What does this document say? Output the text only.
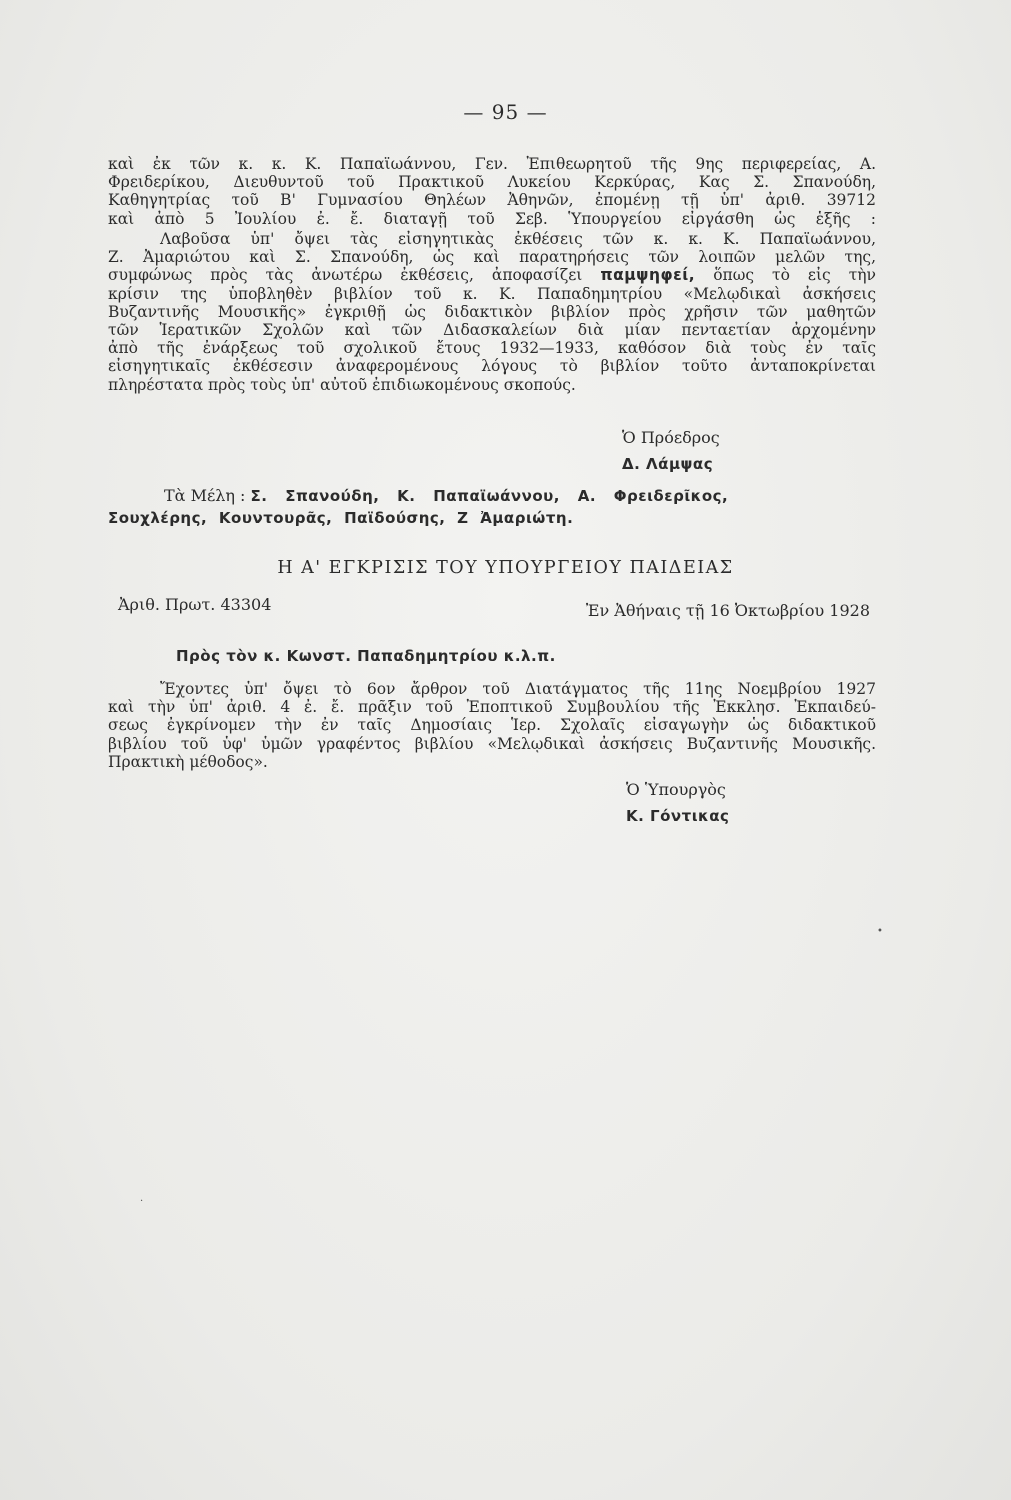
— 95 —
καὶ ἐκ τῶν κ. κ. Κ. Παπαϊωάννου, Γεν. Ἐπιθεωρητοῦ τῆς 9ης περιφερείας, Α.
Φρειδερίκου, Διευθυντοῦ τοῦ Πρακτικοῦ Λυκείου Κερκύρας, Κας Σ. Σπανούδη,
Καθηγητρίας τοῦ Β' Γυμνασίου Θηλέων Ἀθηνῶν, ἐπομένῃ τῇ ὑπ' ἀριθ. 39712
καὶ ἀπὸ 5 Ἰουλίου ἐ. ἔ. διαταγῇ τοῦ Σεβ. Ὑπουργείου εἰργάσθη ὡς ἑξῆς :
Λαβοῦσα ὑπ' ὄψει τὰς εἰσηγητικὰς ἐκθέσεις τῶν κ. κ. Κ. Παπαϊωάννου,
Ζ. Ἀμαριώτου καὶ Σ. Σπανούδη, ὡς καὶ παρατηρήσεις τῶν λοιπῶν μελῶν της,
συμφώνως πρὸς τὰς ἀνωτέρω ἐκθέσεις, ἀποφασίζει παμψηφεί, ὅπως τὸ εἰς τὴν
κρίσιν της ὑποβληθὲν βιβλίον τοῦ κ. Κ. Παπαδημητρίου «Μελῳδικαὶ ἀσκήσεις
Βυζαντινῆς Μουσικῆς» ἐγκριθῇ ὡς διδακτικὸν βιβλίον πρὸς χρῆσιν τῶν μαθητῶν
τῶν Ἱερατικῶν Σχολῶν καὶ τῶν Διδασκαλείων διὰ μίαν πενταετίαν ἀρχομένην
ἀπὸ τῆς ἐνάρξεως τοῦ σχολικοῦ ἔτους 1932—1933, καθόσον διὰ τοὺς ἐν ταῖς
εἰσηγητικαῖς ἐκθέσεσιν ἀναφερομένους λόγους τὸ βιβλίον τοῦτο ἀνταποκρίνεται
πληρέστατα πρὸς τοὺς ὑπ' αὐτοῦ ἐπιδιωκομένους σκοπούς.
Ὁ Πρόεδρος
Δ. Λάμψας
Τὰ Μέλη : Σ. Σπανούδη, Κ. Παπαϊωάννου, Α. Φρειδερῖκος,
Σουχλέρης, Κουντουρᾶς, Παϊδούσης, Ζ Ἀμαριώτη.
Η Α' ΕΓΚΡΙΣΙΣ ΤΟΥ ΥΠΟΥΡΓΕΙΟΥ ΠΑΙΔΕΙΑΣ
Ἀριθ. Πρωτ. 43304	Ἐν Ἀθήναις τῇ 16 Ὀκτωβρίου 1928
Πρὸς τὸν κ. Κωνστ. Παπαδημητρίου κ.λ.π.
Ἔχοντες ὑπ' ὄψει τὸ 6ον ἄρθρον τοῦ Διατάγματος τῆς 11ης Νοεμβρίου 1927
καὶ τὴν ὑπ' ἀριθ. 4 ἐ. ἔ. πρᾶξιν τοῦ Ἐποπτικοῦ Συμβουλίου τῆς Ἐκκλησ. Ἐκπαιδεύ-
σεως ἐγκρίνομεν τὴν ἐν ταῖς Δημοσίαις Ἱερ. Σχολαῖς εἰσαγωγὴν ὡς διδακτικοῦ
βιβλίου τοῦ ὑφ' ὑμῶν γραφέντος βιβλίου «Μελῳδικαὶ ἀσκήσεις Βυζαντινῆς Μουσικῆς.
Πρακτικὴ μέθοδος».
Ὁ Ὑπουργὸς
Κ. Γόντικας
•
·
